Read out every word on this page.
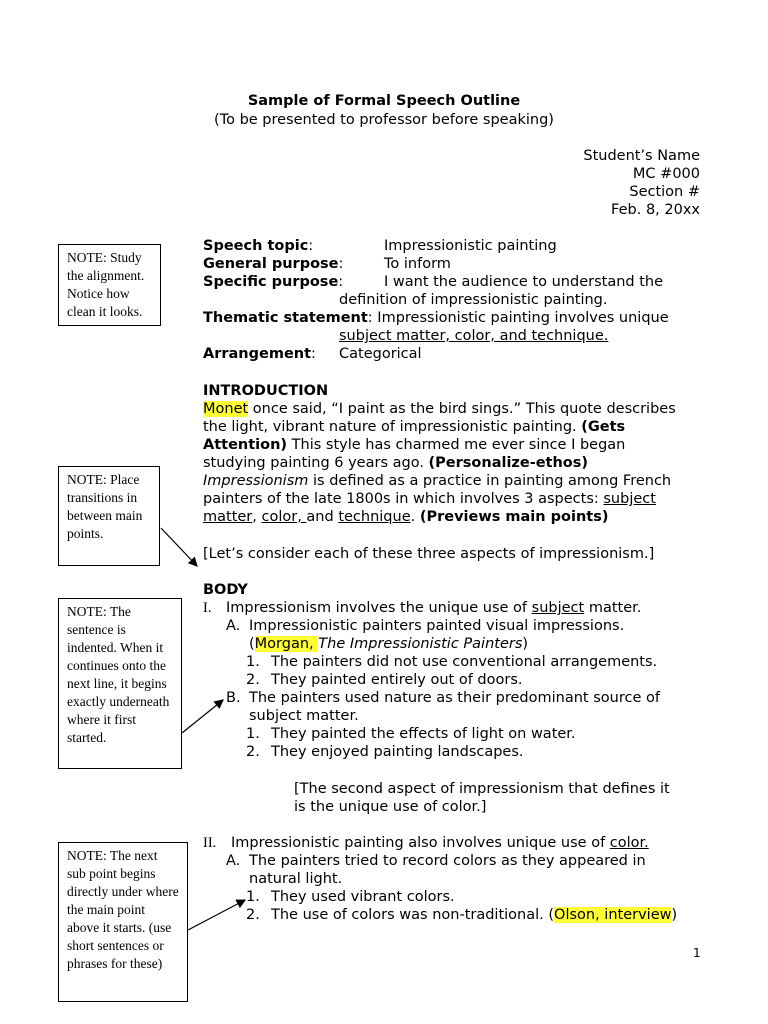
Sample of Formal Speech Outline
(To be presented to professor before speaking)
Student’s Name
MC #000
Section #
Feb. 8, 20xx
NOTE: Study the alignment. Notice how clean it looks.
NOTE: Place transitions in between main points.
NOTE: The sentence is indented. When it continues onto the next line, it begins exactly underneath where it first started.
NOTE: The next sub point begins directly under where the main point above it starts. (use short sentences or phrases for these)
Speech topic:	Impressionistic painting
General purpose:	To inform
Specific purpose:	I want the audience to understand the
definition of impressionistic painting.
Thematic statement: Impressionistic painting involves unique
subject matter, color, and technique.
Arrangement: Categorical
INTRODUCTION
Monet once said, “I paint as the bird sings.” This quote describes
the light, vibrant nature of impressionistic painting. (Gets
Attention) This style has charmed me ever since I began
studying painting 6 years ago. (Personalize-ethos)
Impressionism is defined as a practice in painting among French
painters of the late 1800s in which involves 3 aspects: subject
matter, color, and technique. (Previews main points)
[Let’s consider each of these three aspects of impressionism.]
BODY
I. Impressionism involves the unique use of subject matter.
A. Impressionistic painters painted visual impressions.
(Morgan, The Impressionistic Painters)
1. The painters did not use conventional arrangements.
2. They painted entirely out of doors.
B. The painters used nature as their predominant source of
subject matter.
1. They painted the effects of light on water.
2. They enjoyed painting landscapes.
[The second aspect of impressionism that defines it
is the unique use of color.]
II. Impressionistic painting also involves unique use of color.
A. The painters tried to record colors as they appeared in
natural light.
1. They used vibrant colors.
2. The use of colors was non-traditional. (Olson, interview)
1
